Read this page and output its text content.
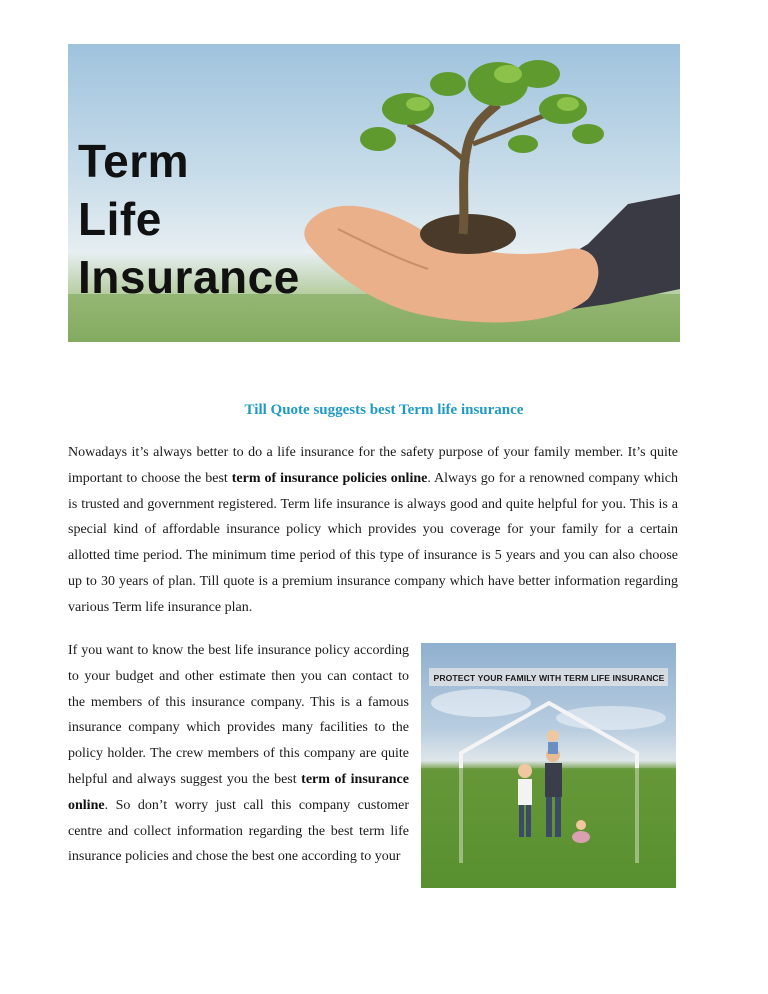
Term
Life
Insurance
Till Quote suggests best Term life insurance

Nowadays it’s always better to do a life insurance for the safety purpose of your family member. It’s quite important to choose the best term of insurance policies online. Always go for a renowned company which is trusted and government registered. Term life insurance is always good and quite helpful for you. This is a special kind of affordable insurance policy which provides you coverage for your family for a certain allotted time period. The minimum time period of this type of insurance is 5 years and you can also choose up to 30 years of plan. Till quote is a premium insurance company which have better information regarding various Term life insurance plan.

If you want to know the best life insurance policy according to your budget and other estimate then you can contact to the members of this insurance company. This is a famous insurance company which provides many facilities to the policy holder. The crew members of this company are quite helpful and always suggest you the best term of insurance online. So don’t worry just call this company customer centre and collect information regarding the best term life insurance policies and chose the best one according to your

PROTECT YOUR FAMILY WITH TERM LIFE INSURANCE
